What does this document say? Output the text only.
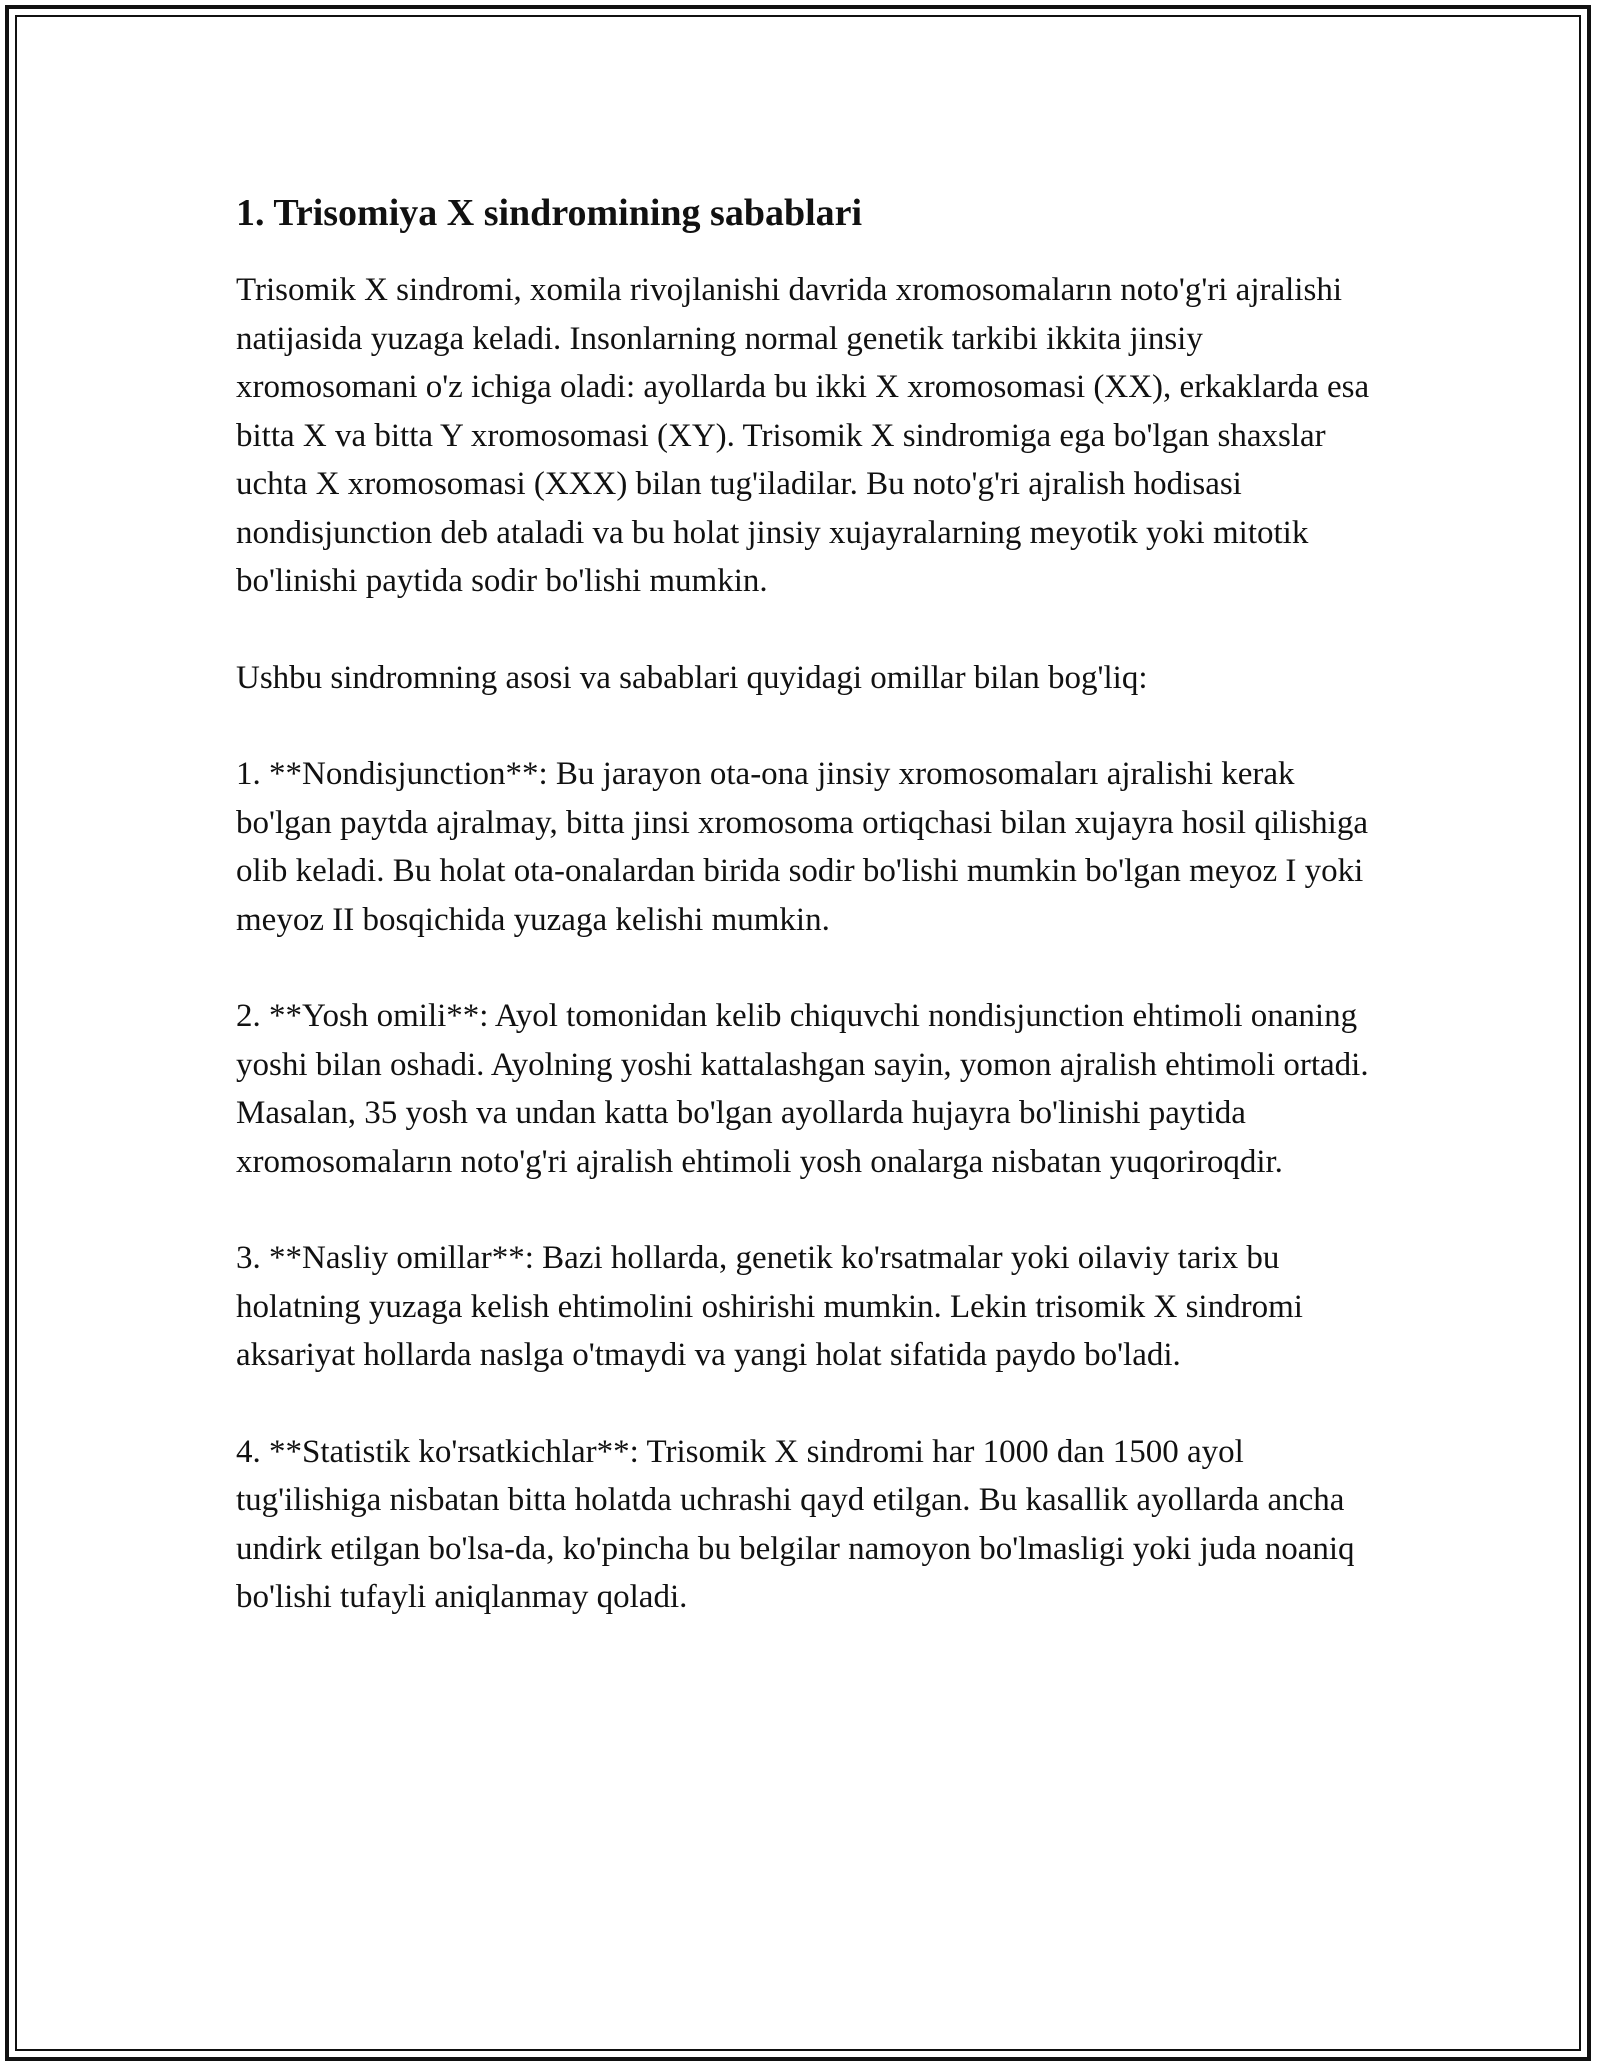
1. Trisomiya X sindromining sabablari

Trisomik X sindromi, xomila rivojlanishi davrida xromosomaların noto'g'ri ajralishi natijasida yuzaga keladi. Insonlarning normal genetik tarkibi ikkita jinsiy xromosomani o'z ichiga oladi: ayollarda bu ikki X xromosomasi (XX), erkaklarda esa bitta X va bitta Y xromosomasi (XY). Trisomik X sindromiga ega bo'lgan shaxslar uchta X xromosomasi (XXX) bilan tug'iladilar. Bu noto'g'ri ajralish hodisasi nondisjunction deb ataladi va bu holat jinsiy xujayralarning meyotik yoki mitotik bo'linishi paytida sodir bo'lishi mumkin.

Ushbu sindromning asosi va sabablari quyidagi omillar bilan bog'liq:

1. **Nondisjunction**: Bu jarayon ota-ona jinsiy xromosomaları ajralishi kerak bo'lgan paytda ajralmay, bitta jinsi xromosoma ortiqchasi bilan xujayra hosil qilishiga olib keladi. Bu holat ota-onalardan birida sodir bo'lishi mumkin bo'lgan meyoz I yoki meyoz II bosqichida yuzaga kelishi mumkin.

2. **Yosh omili**: Ayol tomonidan kelib chiquvchi nondisjunction ehtimoli onaning yoshi bilan oshadi. Ayolning yoshi kattalashgan sayin, yomon ajralish ehtimoli ortadi. Masalan, 35 yosh va undan katta bo'lgan ayollarda hujayra bo'linishi paytida xromosomaların noto'g'ri ajralish ehtimoli yosh onalarga nisbatan yuqoriroqdir.

3. **Nasliy omillar**: Bazi hollarda, genetik ko'rsatmalar yoki oilaviy tarix bu holatning yuzaga kelish ehtimolini oshirishi mumkin. Lekin trisomik X sindromi aksariyat hollarda naslga o'tmaydi va yangi holat sifatida paydo bo'ladi.

4. **Statistik ko'rsatkichlar**: Trisomik X sindromi har 1000 dan 1500 ayol tug'ilishiga nisbatan bitta holatda uchrashi qayd etilgan. Bu kasallik ayollarda ancha undirk etilgan bo'lsa-da, ko'pincha bu belgilar namoyon bo'lmasligi yoki juda noaniq bo'lishi tufayli aniqlanmay qoladi.
